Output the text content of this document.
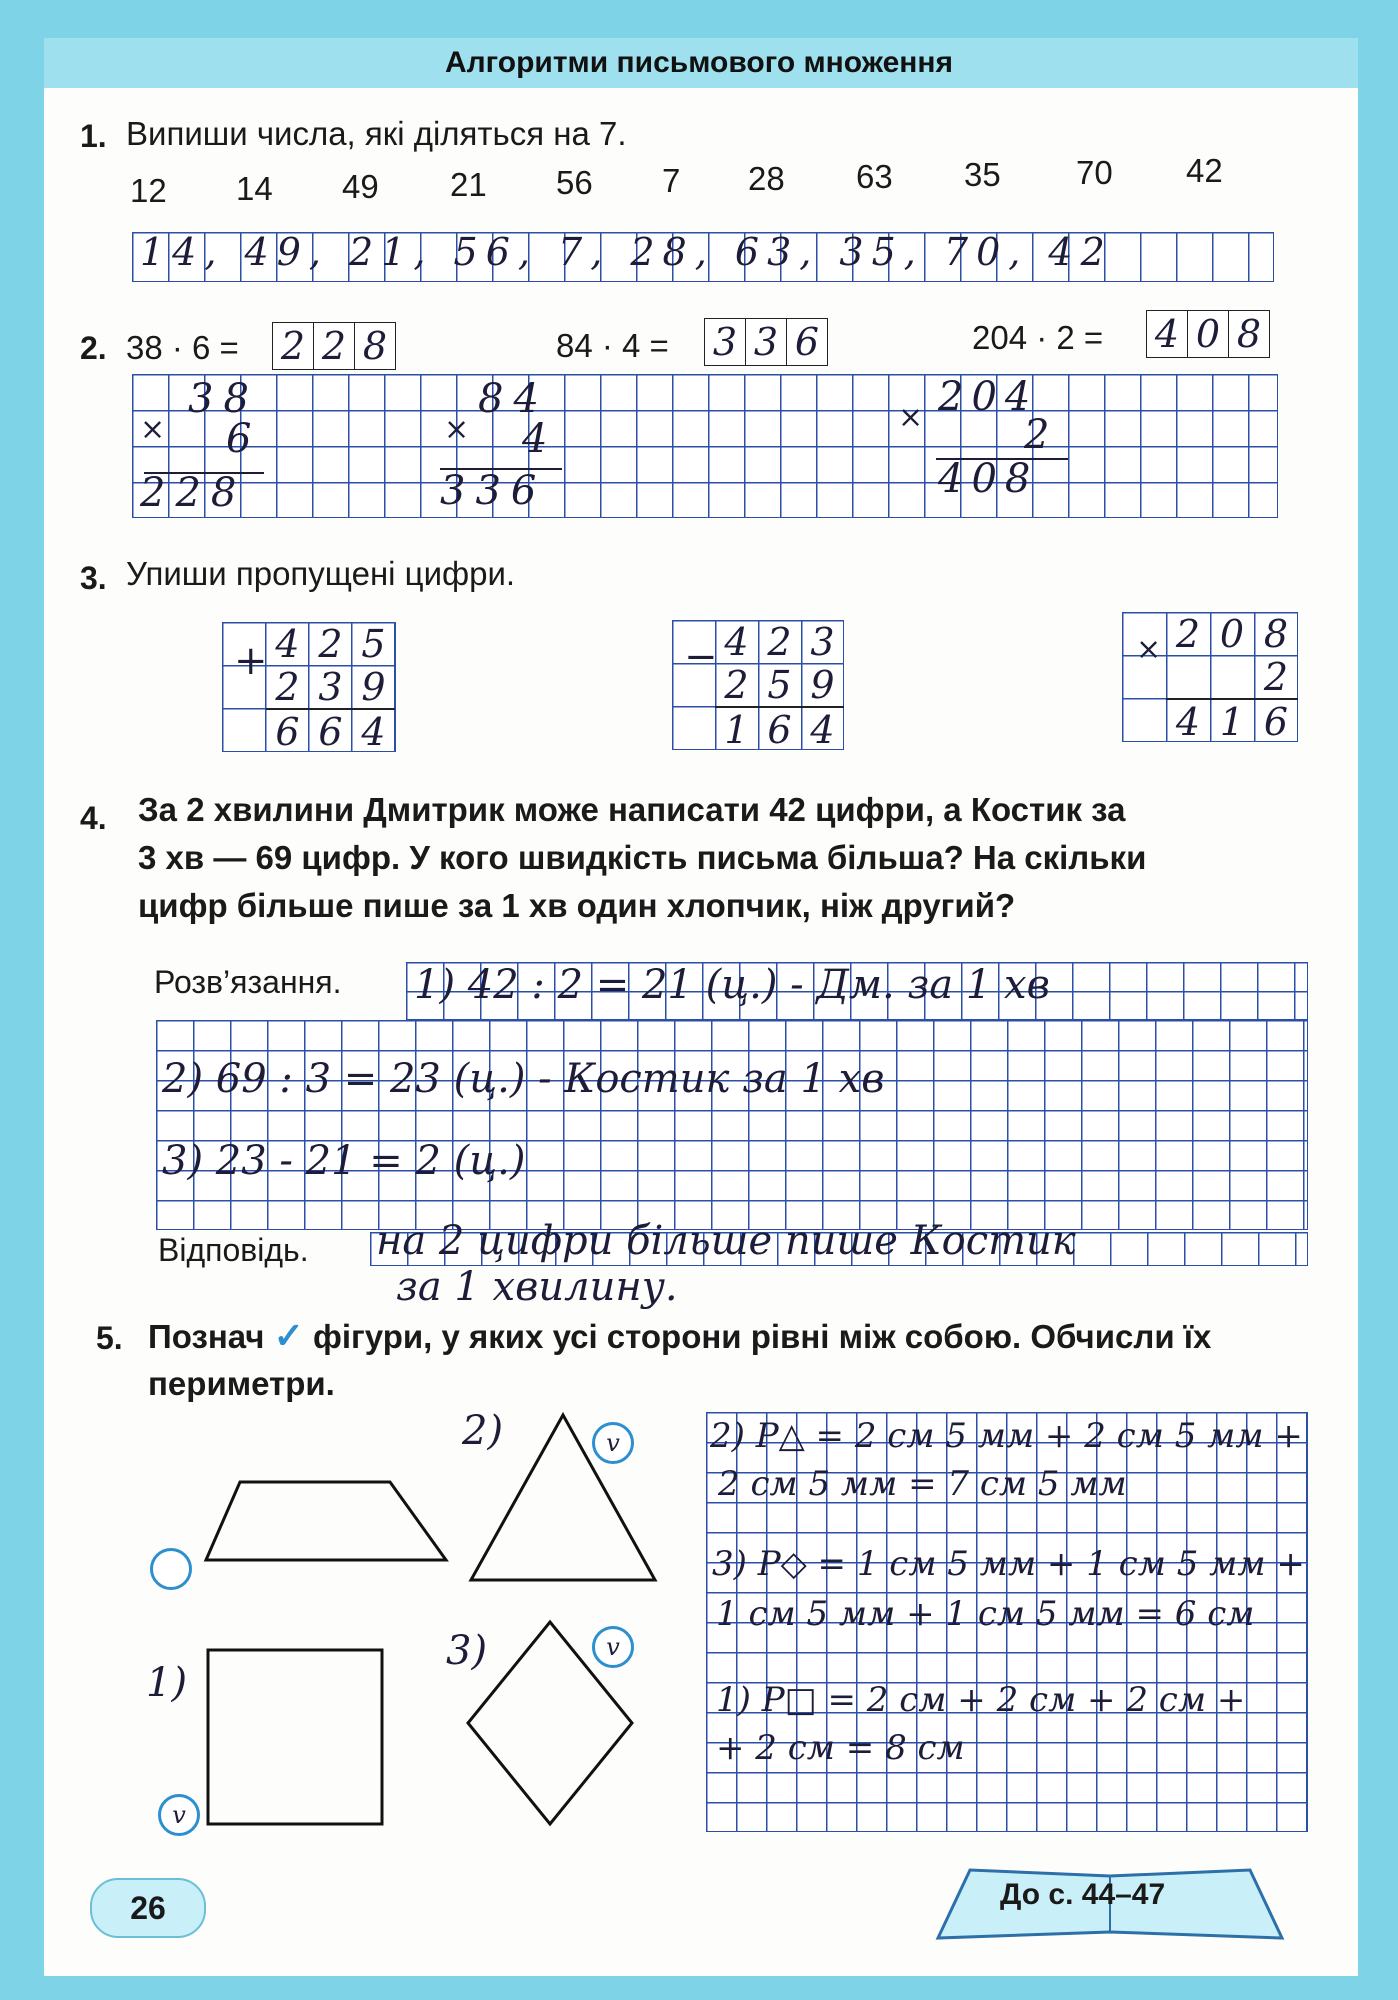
Алгоритми письмового множення
1. Випиши числа, які діляться на 7.
12 14 49 21 56 7 28 63 35 70 42
14, 49, 21, 56, 7, 28, 63, 35, 70, 42
2. 38 · 6 = 2 2 8	84 · 4 = 3 3 6	204 · 2 = 4 0 8
×
38
6
228
×
84
4
336
× 204
2
408
3. Упиши пропущені цифри.
+ 4 2 5
2 3 9
6 6 4
− 4 2 3
2 5 9
1 6 4
× 2 0 8
2
4 1 6
4. За 2 хвилини Дмитрик може написати 42 цифри, а Костик за
3 хв — 69 цифр. У кого швидкість письма більша? На скільки
цифр більше пише за 1 хв один хлопчик, ніж другий?
Розв’язання. 1) 42 : 2 = 21 (ц.) - Дм. за 1 хв
2) 69 : 3 = 23 (ц.) - Костик за 1 хв
3) 23 - 21 = 2 (ц.)
Відповідь. на 2 цифри більше пише Костик
за 1 хвилину.
5. Познач ✓ фігури, у яких усі сторони рівні між собою. Обчисли їх
периметри.
v
v
v
2)
1)
3)
2) P△ = 2 см 5 мм + 2 см 5 мм +
2 см 5 мм = 7 см 5 мм
3) P◇ = 1 см 5 мм + 1 см 5 мм +
1 см 5 мм + 1 см 5 мм = 6 см
1) P□ = 2 см + 2 см + 2 см +
+ 2 см = 8 см
26	До с. 44–47
